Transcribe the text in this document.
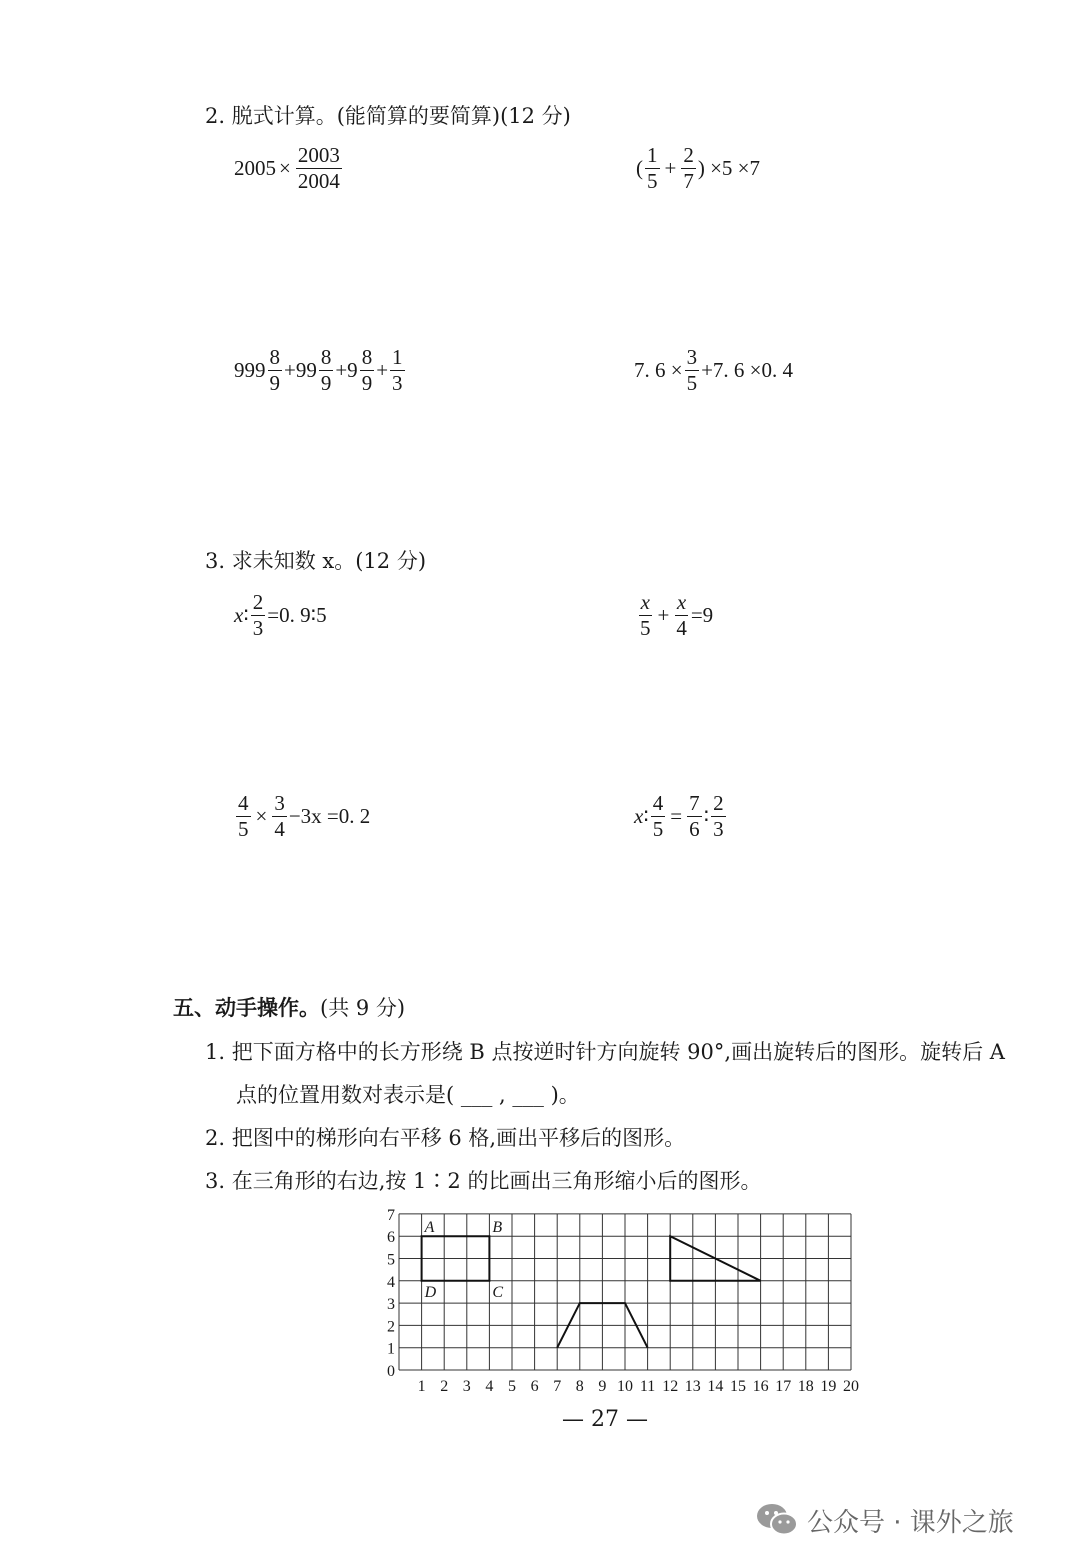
2. 脱式计算。(能简算的要简算)(12 分)
$2005 \times \frac{2003}{2004}$	( $\frac{1}{5} + \frac{2}{7}$ ) ×5 ×7
$999 \frac{8}{9} +99 \frac{8}{9} +9 \frac{8}{9} + \frac{1}{3}$	7. $6 \times \frac{3}{5} +7$. 6 ×0. 4
3. 求未知数 x。(12 分)
x ∶ $\frac{2}{3} =0$. 9∶5	$\frac{x}{5} + \frac{x}{4} =9$
$\frac{4}{5} \times \frac{3}{4} -3x =0$. 2	x ∶ $\frac{4}{5} = \frac{7}{6}$ ∶ $\frac{2}{3}$
五、动手操作。(共 9 分)
1. 把下面方格中的长方形绕 B 点按逆时针方向旋转 90°,画出旋转后的图形。旋转后 A
点的位置用数对表示是( ___ , ___ )。
2. 把图中的梯形向右平移 6 格,画出平移后的图形。
3. 在三角形的右边,按 1∶2 的比画出三角形缩小后的图形。
1 2 3 4 5 6 7 8 9 10 11 12 13 14 15 16 17 18 19 20
0
1
2
3
4
5
6
7
A	B
C
D
— 27 —
公众号 · 课外之旅
